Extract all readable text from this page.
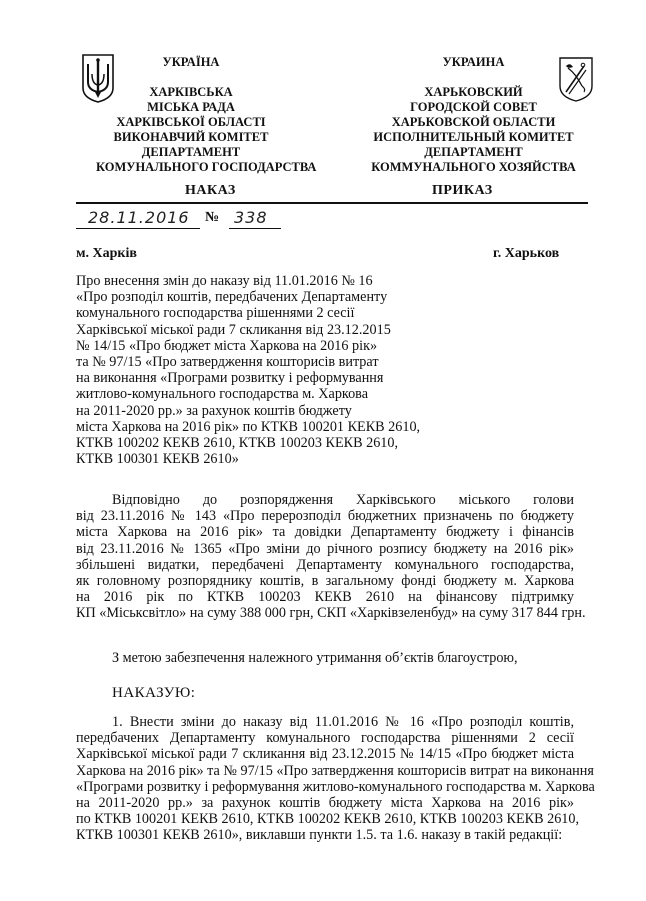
УКРАЇНА
ХАРКІВСЬКА
МІСЬКА РАДА
ХАРКІВСЬКОЇ ОБЛАСТІ
ВИКОНАВЧИЙ КОМІТЕТ
ДЕПАРТАМЕНТ
КОМУНАЛЬНОГО ГОСПОДАРСТВА
УКРАИНА
ХАРЬКОВСКИЙ
ГОРОДСКОЙ СОВЕТ
ХАРЬКОВСКОЙ ОБЛАСТИ
ИСПОЛНИТЕЛЬНЫЙ КОМИТЕТ
ДЕПАРТАМЕНТ
КОММУНАЛЬНОГО ХОЗЯЙСТВА
НАКАЗ	ПРИКАЗ
28.11.2016 № 338
м. Харків	г. Харьков
Про внесення змін до наказу від 11.01.2016 № 16
«Про розподіл коштів, передбачених Департаменту
комунального господарства рішеннями 2 сесії
Харківської міської ради 7 скликання від 23.12.2015
№ 14/15 «Про бюджет міста Харкова на 2016 рік»
та № 97/15 «Про затвердження кошторисів витрат
на виконання «Програми розвитку і реформування
житлово-комунального господарства м. Харкова
на 2011-2020 рр.» за рахунок коштів бюджету
міста Харкова на 2016 рік» по КТКВ 100201 КЕКВ 2610,
КТКВ 100202 КЕКВ 2610, КТКВ 100203 КЕКВ 2610,
КТКВ 100301 КЕКВ 2610»
Відповідно до розпорядження Харківського міського голови
від 23.11.2016 № 143 «Про перерозподіл бюджетних призначень по бюджету
міста Харкова на 2016 рік» та довідки Департаменту бюджету і фінансів
від 23.11.2016 № 1365 «Про зміни до річного розпису бюджету на 2016 рік»
збільшені видатки, передбачені Департаменту комунального господарства,
як головному розпоряднику коштів, в загальному фонді бюджету м. Харкова
на 2016 рік по КТКВ 100203 КЕКВ 2610 на фінансову підтримку
КП «Міськсвітло» на суму 388 000 грн, СКП «Харківзеленбуд» на суму 317 844 грн.
З метою забезпечення належного утримання об’єктів благоустрою,
НАКАЗУЮ:
1. Внести зміни до наказу від 11.01.2016 № 16 «Про розподіл коштів,
передбачених Департаменту комунального господарства рішеннями 2 сесії
Харківської міської ради 7 скликання від 23.12.2015 № 14/15 «Про бюджет міста
Харкова на 2016 рік» та № 97/15 «Про затвердження кошторисів витрат на виконання
«Програми розвитку і реформування житлово-комунального господарства м. Харкова
на 2011-2020 рр.» за рахунок коштів бюджету міста Харкова на 2016 рік»
по КТКВ 100201 КЕКВ 2610, КТКВ 100202 КЕКВ 2610, КТКВ 100203 КЕКВ 2610,
КТКВ 100301 КЕКВ 2610», виклавши пункти 1.5. та 1.6. наказу в такій редакції:
